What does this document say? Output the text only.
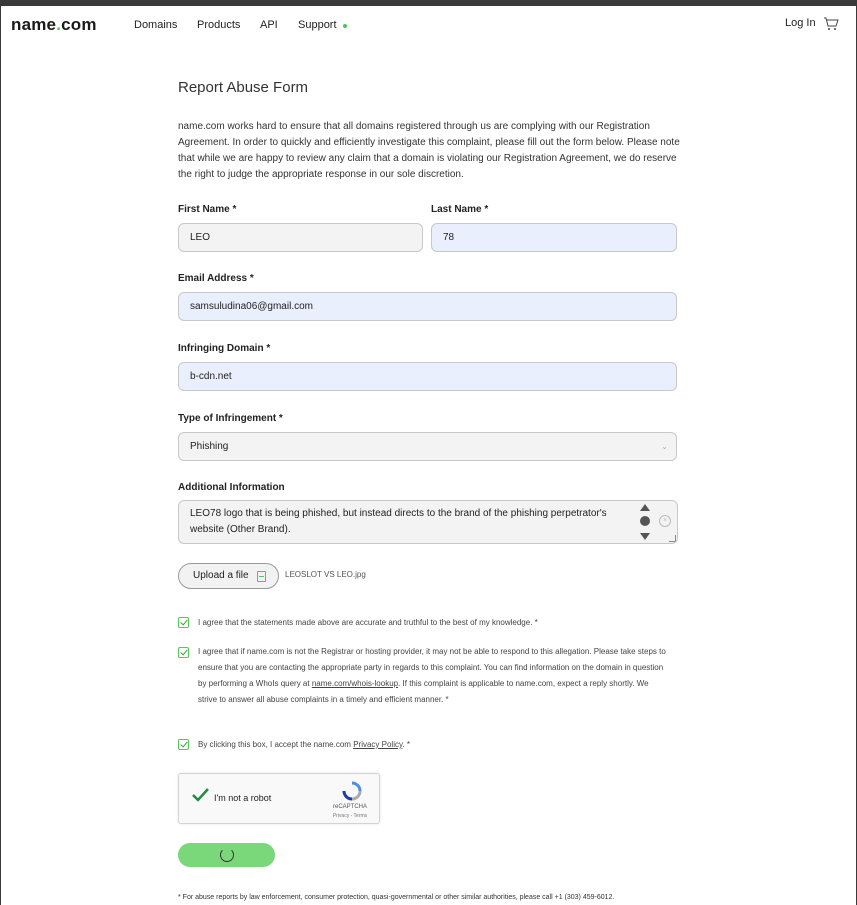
name.com	Domains Products API Support	Log In
Report Abuse Form
name.com works hard to ensure that all domains registered through us are complying with our Registration Agreement. In order to quickly and efficiently investigate this complaint, please fill out the form below. Please note that while we are happy to review any claim that a domain is violating our Registration Agreement, we do reserve the right to judge the appropriate response in our sole discretion.
First Name *
LEO
Last Name *
78
Email Address *
samsuludina06@gmail.com
Infringing Domain *
b-cdn.net
Type of Infringement *
Phishing	⌄
Additional Information
LEO78 logo that is being phished, but instead directs to the brand of the phishing perpetrator's website (Other Brand).
×
Upload a file	LEOSLOT VS LEO.jpg
I agree that the statements made above are accurate and truthful to the best of my knowledge. *
I agree that if name.com is not the Registrar or hosting provider, it may not be able to respond to this allegation. Please take steps to ensure that you are contacting the appropriate party in regards to this complaint. You can find information on the domain in question by performing a WhoIs query at name.com/whois-lookup. If this complaint is applicable to name.com, expect a reply shortly. We strive to answer all abuse complaints in a timely and efficient manner. *
By clicking this box, I accept the name.com Privacy Policy. *
I'm not a robot
reCAPTCHA
Privacy - Terms
* For abuse reports by law enforcement, consumer protection, quasi-governmental or other similar authorities, please call +1 (303) 459-6012.
